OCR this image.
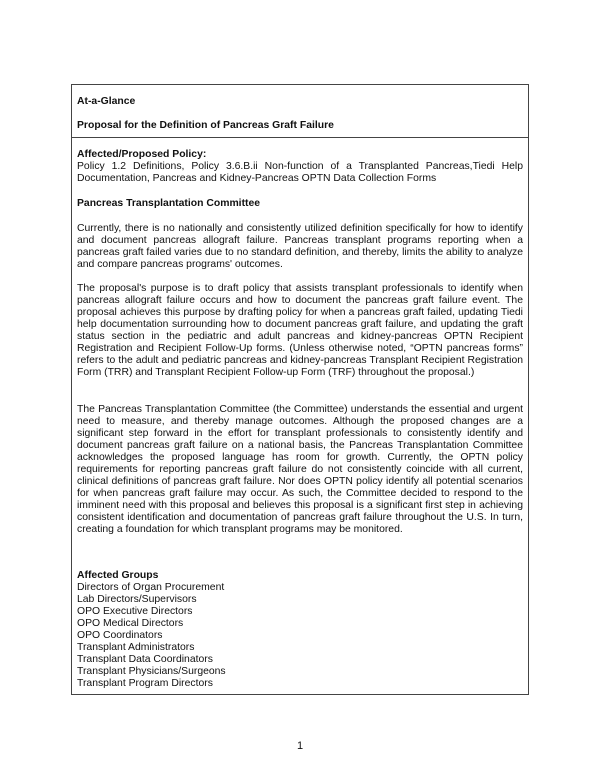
At-a-Glance
Proposal for the Definition of Pancreas Graft Failure
Affected/Proposed Policy:
Policy 1.2 Definitions, Policy 3.6.B.ii Non-function of a Transplanted Pancreas,Tiedi Help Documentation, Pancreas and Kidney-Pancreas OPTN Data Collection Forms
Pancreas Transplantation Committee
Currently, there is no nationally and consistently utilized definition specifically for how to identify and document pancreas allograft failure. Pancreas transplant programs reporting when a pancreas graft failed varies due to no standard definition, and thereby, limits the ability to analyze and compare pancreas programs' outcomes.
The proposal's purpose is to draft policy that assists transplant professionals to identify when pancreas allograft failure occurs and how to document the pancreas graft failure event. The proposal achieves this purpose by drafting policy for when a pancreas graft failed, updating Tiedi help documentation surrounding how to document pancreas graft failure, and updating the graft status section in the pediatric and adult pancreas and kidney-pancreas OPTN Recipient Registration and Recipient Follow-Up forms. (Unless otherwise noted, “OPTN pancreas forms” refers to the adult and pediatric pancreas and kidney-pancreas Transplant Recipient Registration Form (TRR) and Transplant Recipient Follow-up Form (TRF) throughout the proposal.)
The Pancreas Transplantation Committee (the Committee) understands the essential and urgent need to measure, and thereby manage outcomes. Although the proposed changes are a significant step forward in the effort for transplant professionals to consistently identify and document pancreas graft failure on a national basis, the Pancreas Transplantation Committee acknowledges the proposed language has room for growth. Currently, the OPTN policy requirements for reporting pancreas graft failure do not consistently coincide with all current, clinical definitions of pancreas graft failure. Nor does OPTN policy identify all potential scenarios for when pancreas graft failure may occur. As such, the Committee decided to respond to the imminent need with this proposal and believes this proposal is a significant first step in achieving consistent identification and documentation of pancreas graft failure throughout the U.S. In turn, creating a foundation for which transplant programs may be monitored.
Affected Groups
Directors of Organ Procurement
Lab Directors/Supervisors
OPO Executive Directors
OPO Medical Directors
OPO Coordinators
Transplant Administrators
Transplant Data Coordinators
Transplant Physicians/Surgeons
Transplant Program Directors
1
